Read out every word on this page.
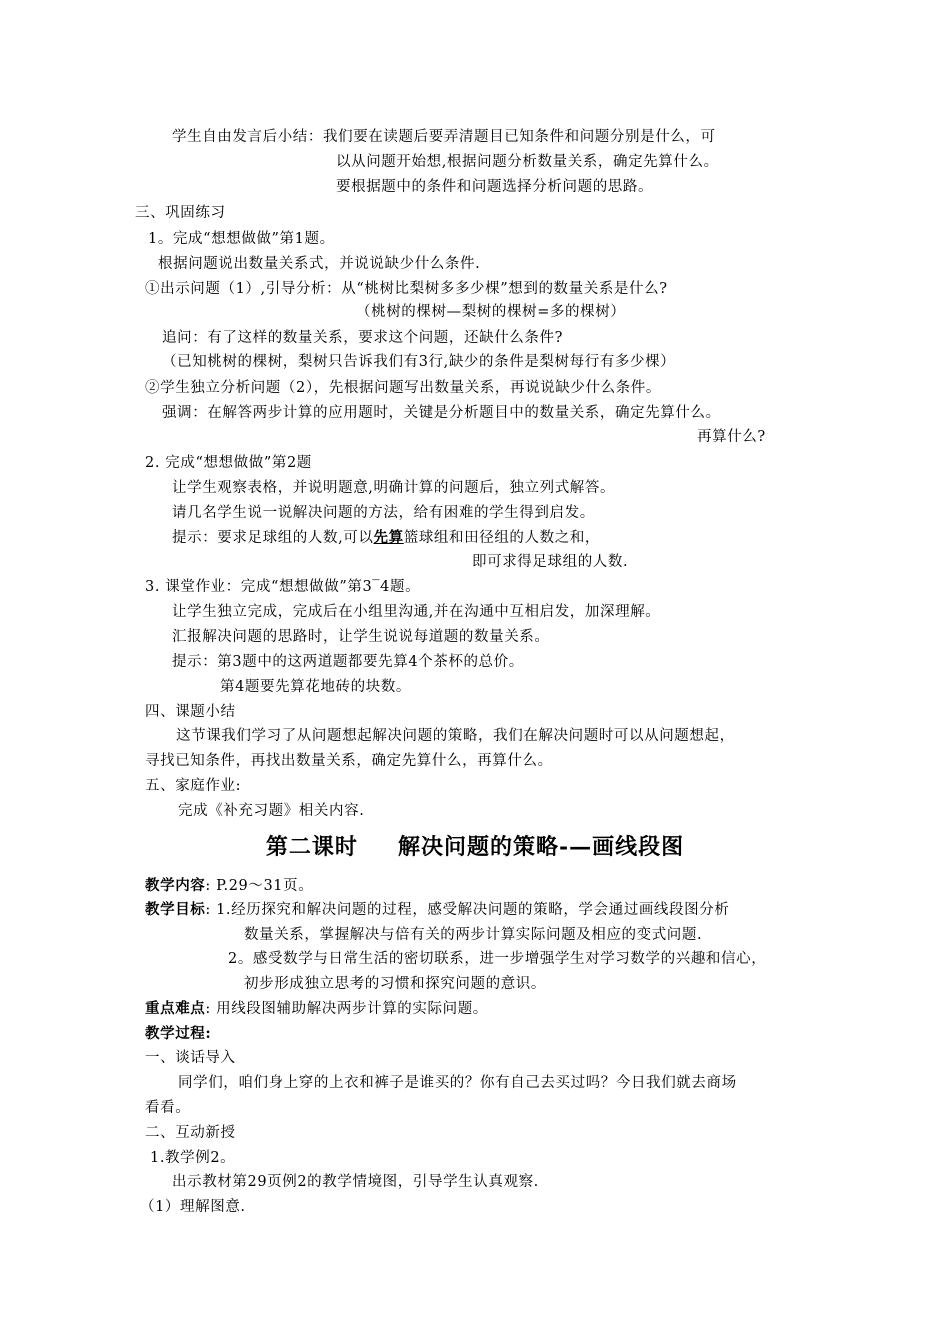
学生自由发言后小结：我们要在读题后要弄清题目已知条件和问题分别是什么，可
以从问题开始想,根据问题分析数量关系，确定先算什么。
要根据题中的条件和问题选择分析问题的思路。
三、巩固练习
1。完成“想想做做”第1题。
根据问题说出数量关系式，并说说缺少什么条件.
①出示问题（1）,引导分析：从“桃树比梨树多多少棵”想到的数量关系是什么?
（桃树的棵树—梨树的棵树=多的棵树）
追问：有了这样的数量关系，要求这个问题，还缺什么条件?
（已知桃树的棵树，梨树只告诉我们有3行,缺少的条件是梨树每行有多少棵）
②学生独立分析问题（2），先根据问题写出数量关系，再说说缺少什么条件。
强调：在解答两步计算的应用题时，关键是分析题目中的数量关系，确定先算什么。
再算什么?
2. 完成“想想做做”第2题
让学生观察表格，并说明题意,明确计算的问题后，独立列式解答。
请几名学生说一说解决问题的方法，给有困难的学生得到启发。
提示：要求足球组的人数,可以先算篮球组和田径组的人数之和，
即可求得足球组的人数.
3. 课堂作业：完成“想想做做”第3‾4题。
让学生独立完成，完成后在小组里沟通,并在沟通中互相启发，加深理解。
汇报解决问题的思路时，让学生说说每道题的数量关系。
提示：第3题中的这两道题都要先算4个茶杯的总价。
第4题要先算花地砖的块数。
四、课题小结
这节课我们学习了从问题想起解决问题的策略，我们在解决问题时可以从问题想起，
寻找已知条件，再找出数量关系，确定先算什么，再算什么。
五、家庭作业:
完成《补充习题》相关内容.
第二课时 解决问题的策略-—画线段图
教学内容: P.29～31页。
教学目标: 1.经历探究和解决问题的过程，感受解决问题的策略，学会通过画线段图分析
数量关系，掌握解决与倍有关的两步计算实际问题及相应的变式问题.
2。感受数学与日常生活的密切联系，进一步增强学生对学习数学的兴趣和信心，
初步形成独立思考的习惯和探究问题的意识。
重点难点: 用线段图辅助解决两步计算的实际问题。
教学过程:
一、谈话导入
同学们，咱们身上穿的上衣和裤子是谁买的？你有自己去买过吗？今日我们就去商场
看看。
二、互动新授
1.教学例2。
出示教材第29页例2的教学情境图，引导学生认真观察.
（1）理解图意.
